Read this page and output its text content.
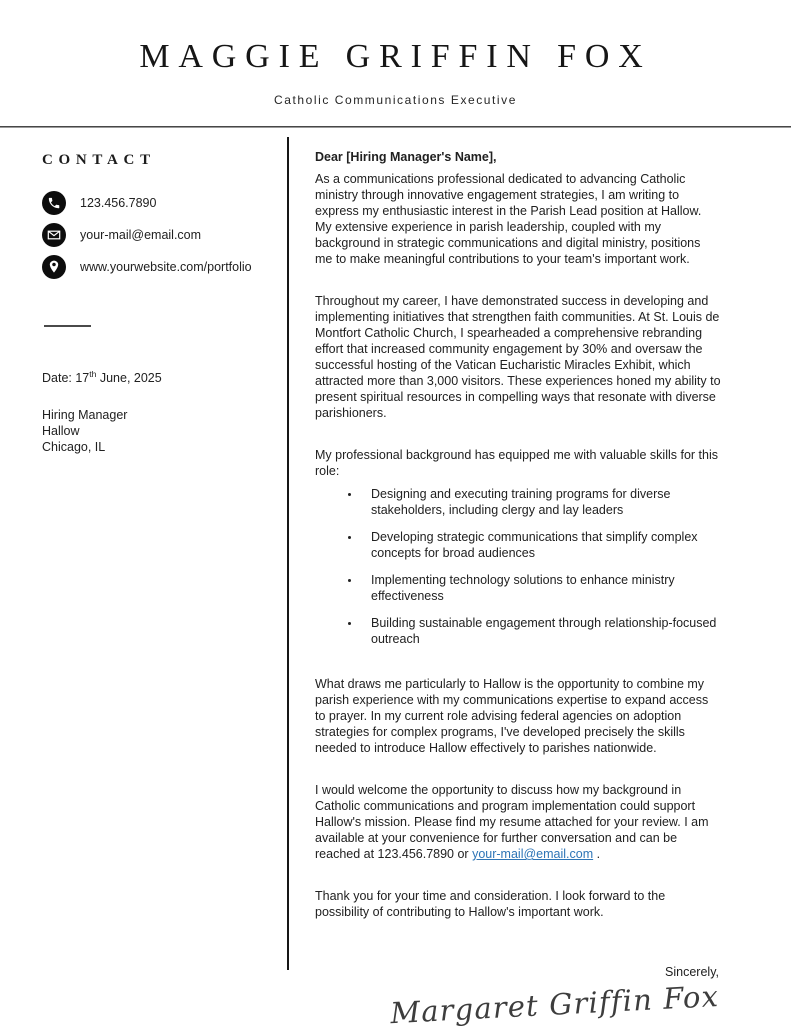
MAGGIE GRIFFIN FOX
Catholic Communications Executive
CONTACT
123.456.7890
your-mail@email.com
www.yourwebsite.com/portfolio
Date: 17th June, 2025
Hiring Manager
Hallow
Chicago, IL

Dear [Hiring Manager's Name],

As a communications professional dedicated to advancing Catholic ministry through innovative engagement strategies, I am writing to express my enthusiastic interest in the Parish Lead position at Hallow. My extensive experience in parish leadership, coupled with my background in strategic communications and digital ministry, positions me to make meaningful contributions to your team's important work.

Throughout my career, I have demonstrated success in developing and implementing initiatives that strengthen faith communities. At St. Louis de Montfort Catholic Church, I spearheaded a comprehensive rebranding effort that increased community engagement by 30% and oversaw the successful hosting of the Vatican Eucharistic Miracles Exhibit, which attracted more than 3,000 visitors. These experiences honed my ability to present spiritual resources in compelling ways that resonate with diverse parishioners.

My professional background has equipped me with valuable skills for this role:

• Designing and executing training programs for diverse stakeholders, including clergy and lay leaders
• Developing strategic communications that simplify complex concepts for broad audiences
• Implementing technology solutions to enhance ministry effectiveness
• Building sustainable engagement through relationship-focused outreach

What draws me particularly to Hallow is the opportunity to combine my parish experience with my communications expertise to expand access to prayer. In my current role advising federal agencies on adoption strategies for complex programs, I've developed precisely the skills needed to introduce Hallow effectively to parishes nationwide.

I would welcome the opportunity to discuss how my background in Catholic communications and program implementation could support Hallow's mission. Please find my resume attached for your review. I am available at your convenience for further conversation and can be reached at 123.456.7890 or your-mail@email.com .

Thank you for your time and consideration. I look forward to the possibility of contributing to Hallow's important work.

Sincerely,
Margaret Griffin Fox
